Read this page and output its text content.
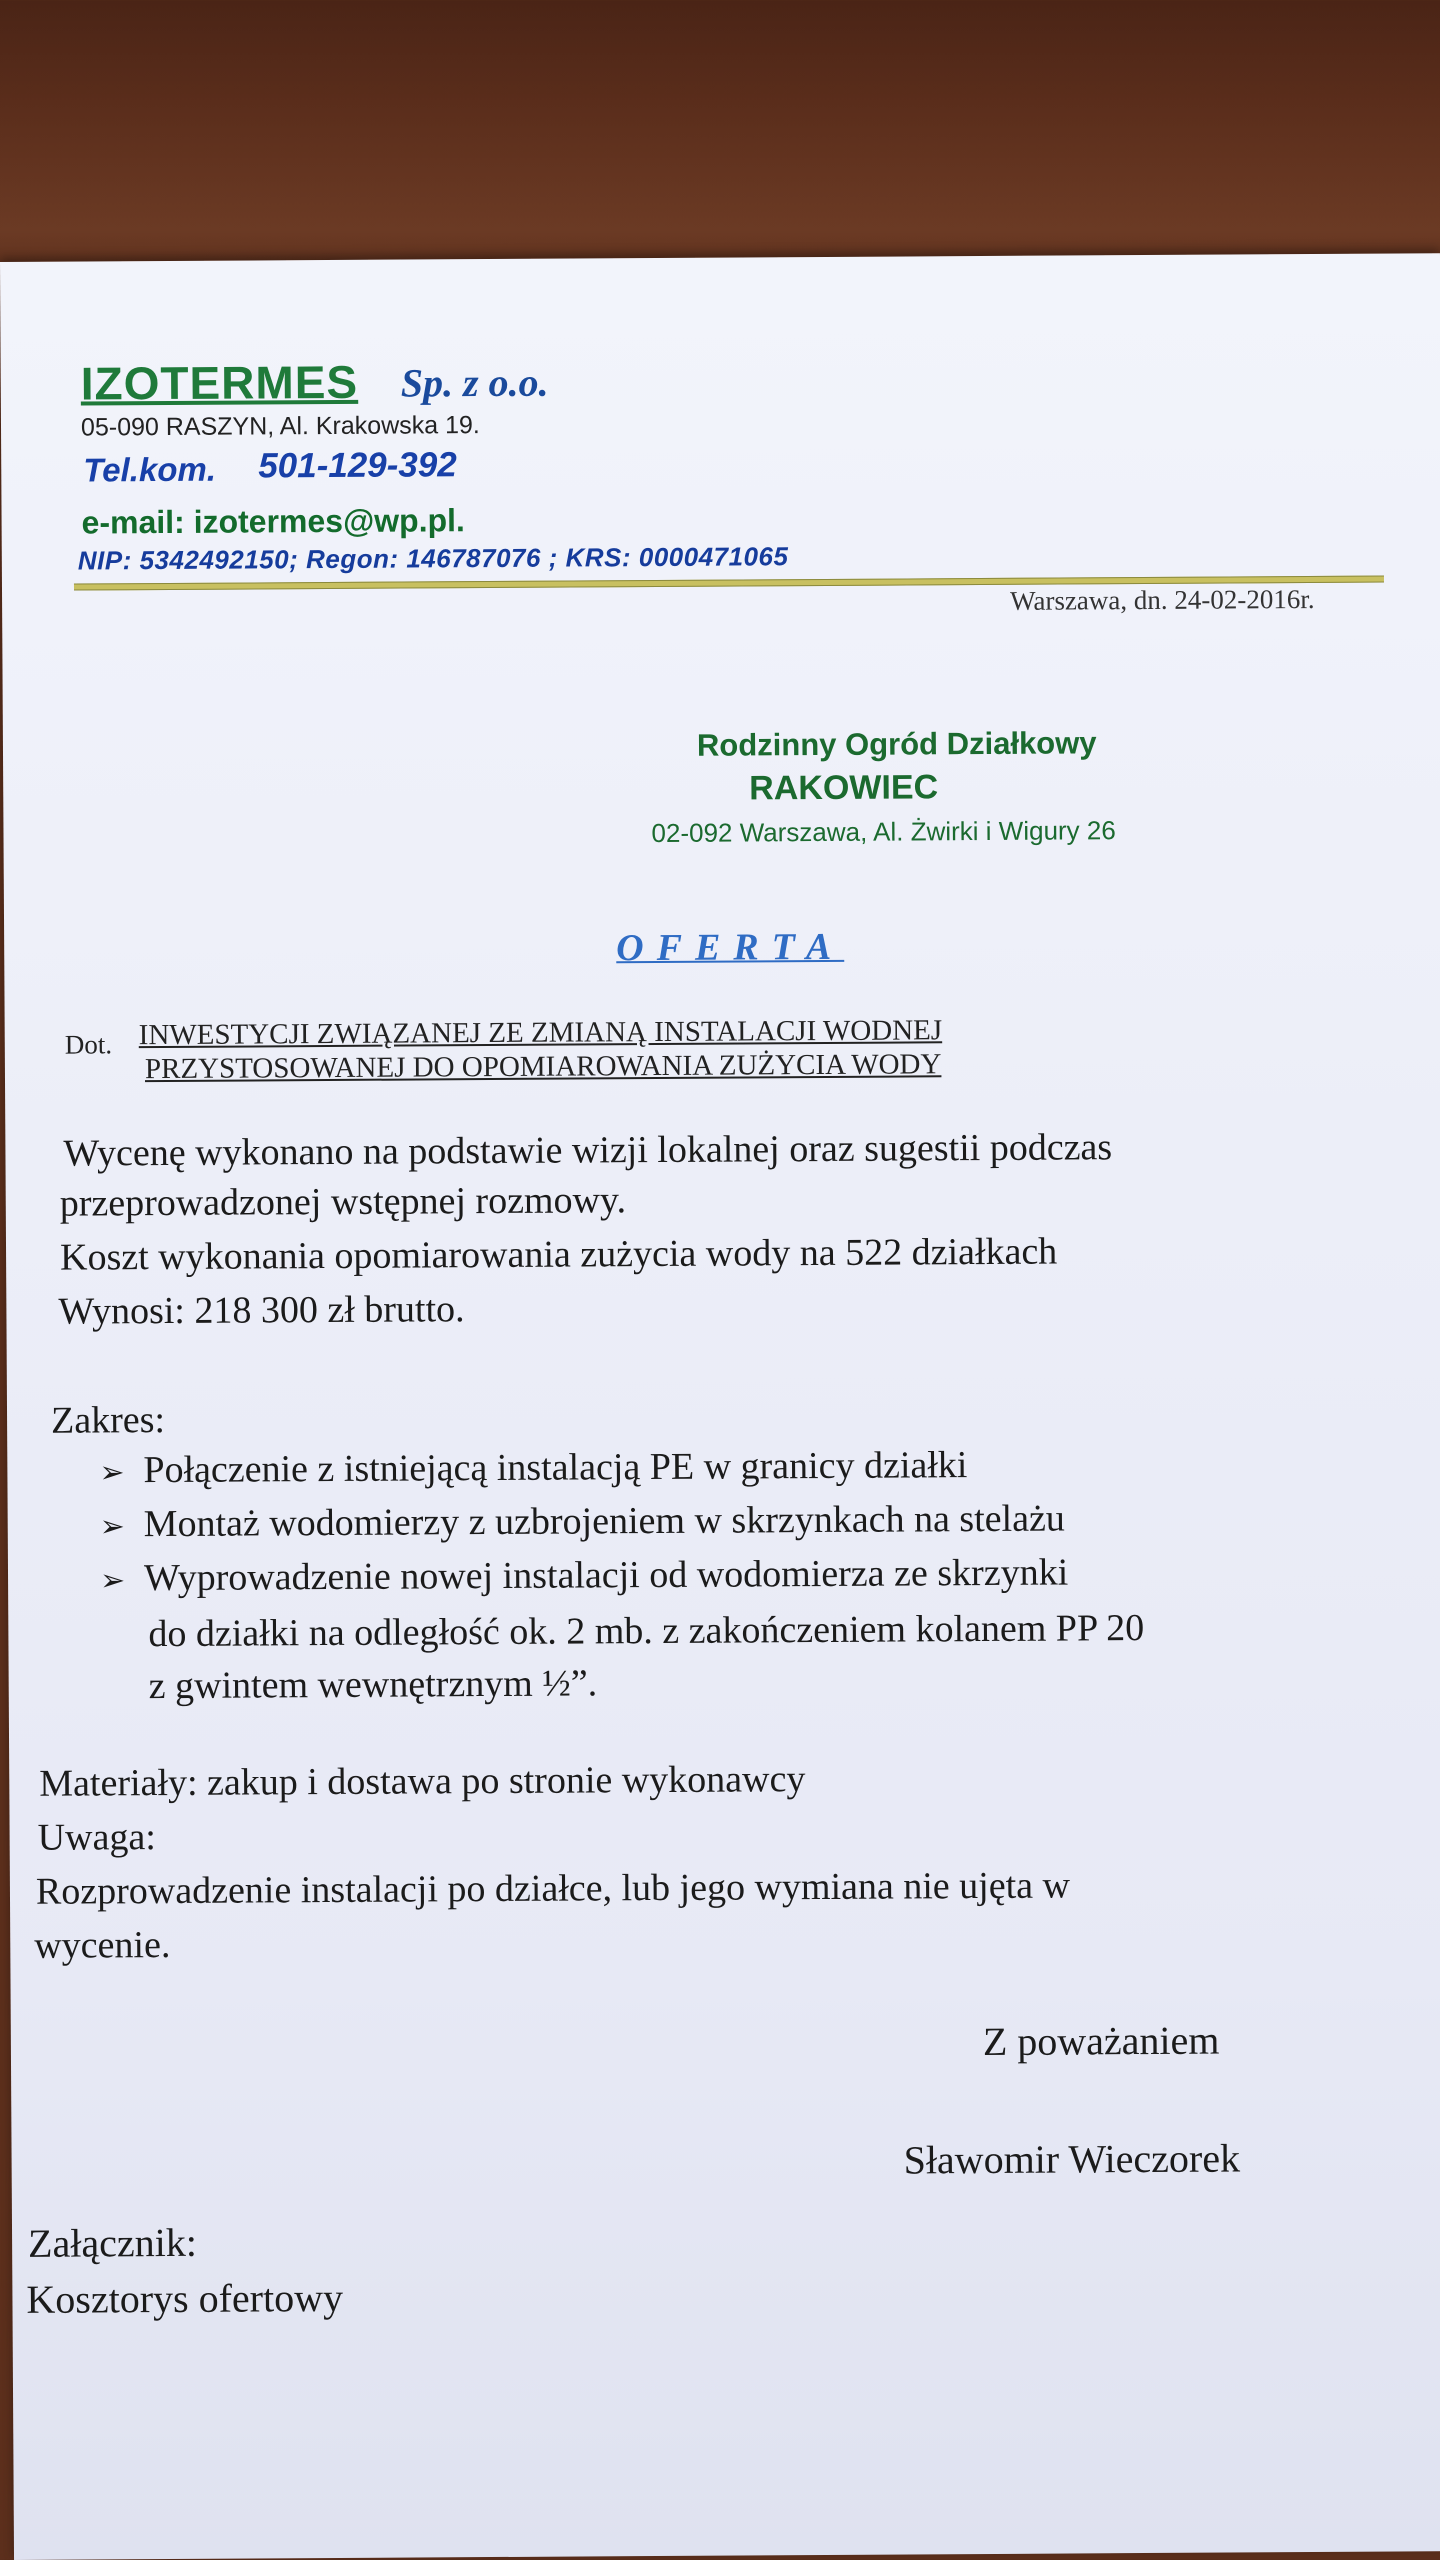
IZOTERMES Sp. z o.o.
05-090 RASZYN, Al. Krakowska 19.
Tel.kom. 501-129-392
e-mail: izotermes@wp.pl.
NIP: 5342492150; Regon: 146787076 ; KRS: 0000471065
Warszawa, dn. 24-02-2016r.
Rodzinny Ogród Działkowy
RAKOWIEC
02-092 Warszawa, Al. Żwirki i Wigury 26
OFERTA
Dot. INWESTYCJI ZWIĄZANEJ ZE ZMIANĄ INSTALACJI WODNEJ
PRZYSTOSOWANEJ DO OPOMIAROWANIA ZUŻYCIA WODY
Wycenę wykonano na podstawie wizji lokalnej oraz sugestii podczas
przeprowadzonej wstępnej rozmowy.
Koszt wykonania opomiarowania zużycia wody na 522 działkach
Wynosi: 218 300 zł brutto.
Zakres:
➢ Połączenie z istniejącą instalacją PE w granicy działki
➢ Montaż wodomierzy z uzbrojeniem w skrzynkach na stelażu
➢ Wyprowadzenie nowej instalacji od wodomierza ze skrzynki
do działki na odległość ok. 2 mb. z zakończeniem kolanem PP 20
z gwintem wewnętrznym ½”.
Materiały: zakup i dostawa po stronie wykonawcy
Uwaga:
Rozprowadzenie instalacji po działce, lub jego wymiana nie ujęta w
wycenie.
Z poważaniem
Sławomir Wieczorek
Załącznik:
Kosztorys ofertowy
